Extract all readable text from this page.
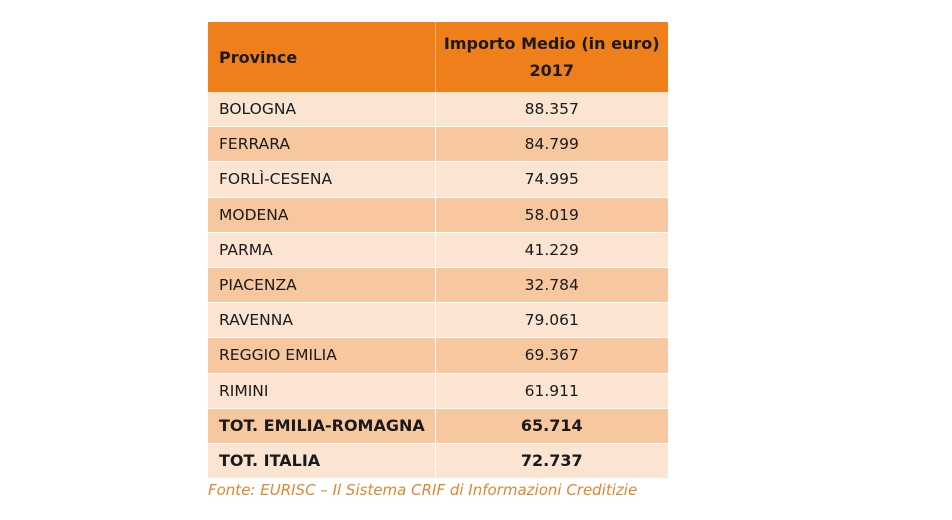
Province	Importo Medio (in euro)
2017

BOLOGNA	88.357
FERRARA	84.799
FORLÌ-CESENA	74.995
MODENA	58.019
PARMA	41.229
PIACENZA	32.784
RAVENNA	79.061
REGGIO EMILIA	69.367
RIMINI	61.911
TOT. EMILIA-ROMAGNA	65.714
TOT. ITALIA	72.737
Fonte: EURISC – Il Sistema CRIF di Informazioni Creditizie
